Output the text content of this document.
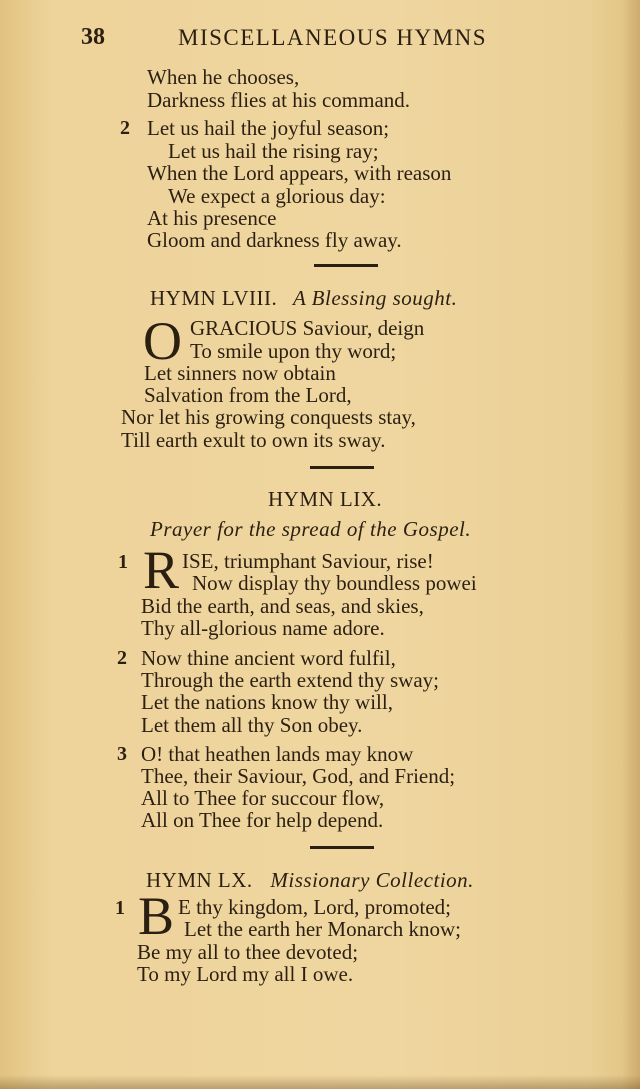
38	MISCELLANEOUS HYMNS
When he chooses,
Darkness flies at his command.
2 Let us hail the joyful season;
Let us hail the rising ray;
When the Lord appears, with reason
We expect a glorious day:
At his presence
Gloom and darkness fly away.
HYMN LVIII. A Blessing sought.
O GRACIOUS Saviour, deign
To smile upon thy word;
Let sinners now obtain
Salvation from the Lord,
Nor let his growing conquests stay,
Till earth exult to own its sway.
HYMN LIX.
Prayer for the spread of the Gospel.
1 R ISE, triumphant Saviour, rise!
Now display thy boundless powei
Bid the earth, and seas, and skies,
Thy all-glorious name adore.
2 Now thine ancient word fulfil,
Through the earth extend thy sway;
Let the nations know thy will,
Let them all thy Son obey.
3 O! that heathen lands may know
Thee, their Saviour, God, and Friend;
All to Thee for succour flow,
All on Thee for help depend.
HYMN LX. Missionary Collection.
1 B E thy kingdom, Lord, promoted;
Let the earth her Monarch know;
Be my all to thee devoted;
To my Lord my all I owe.
